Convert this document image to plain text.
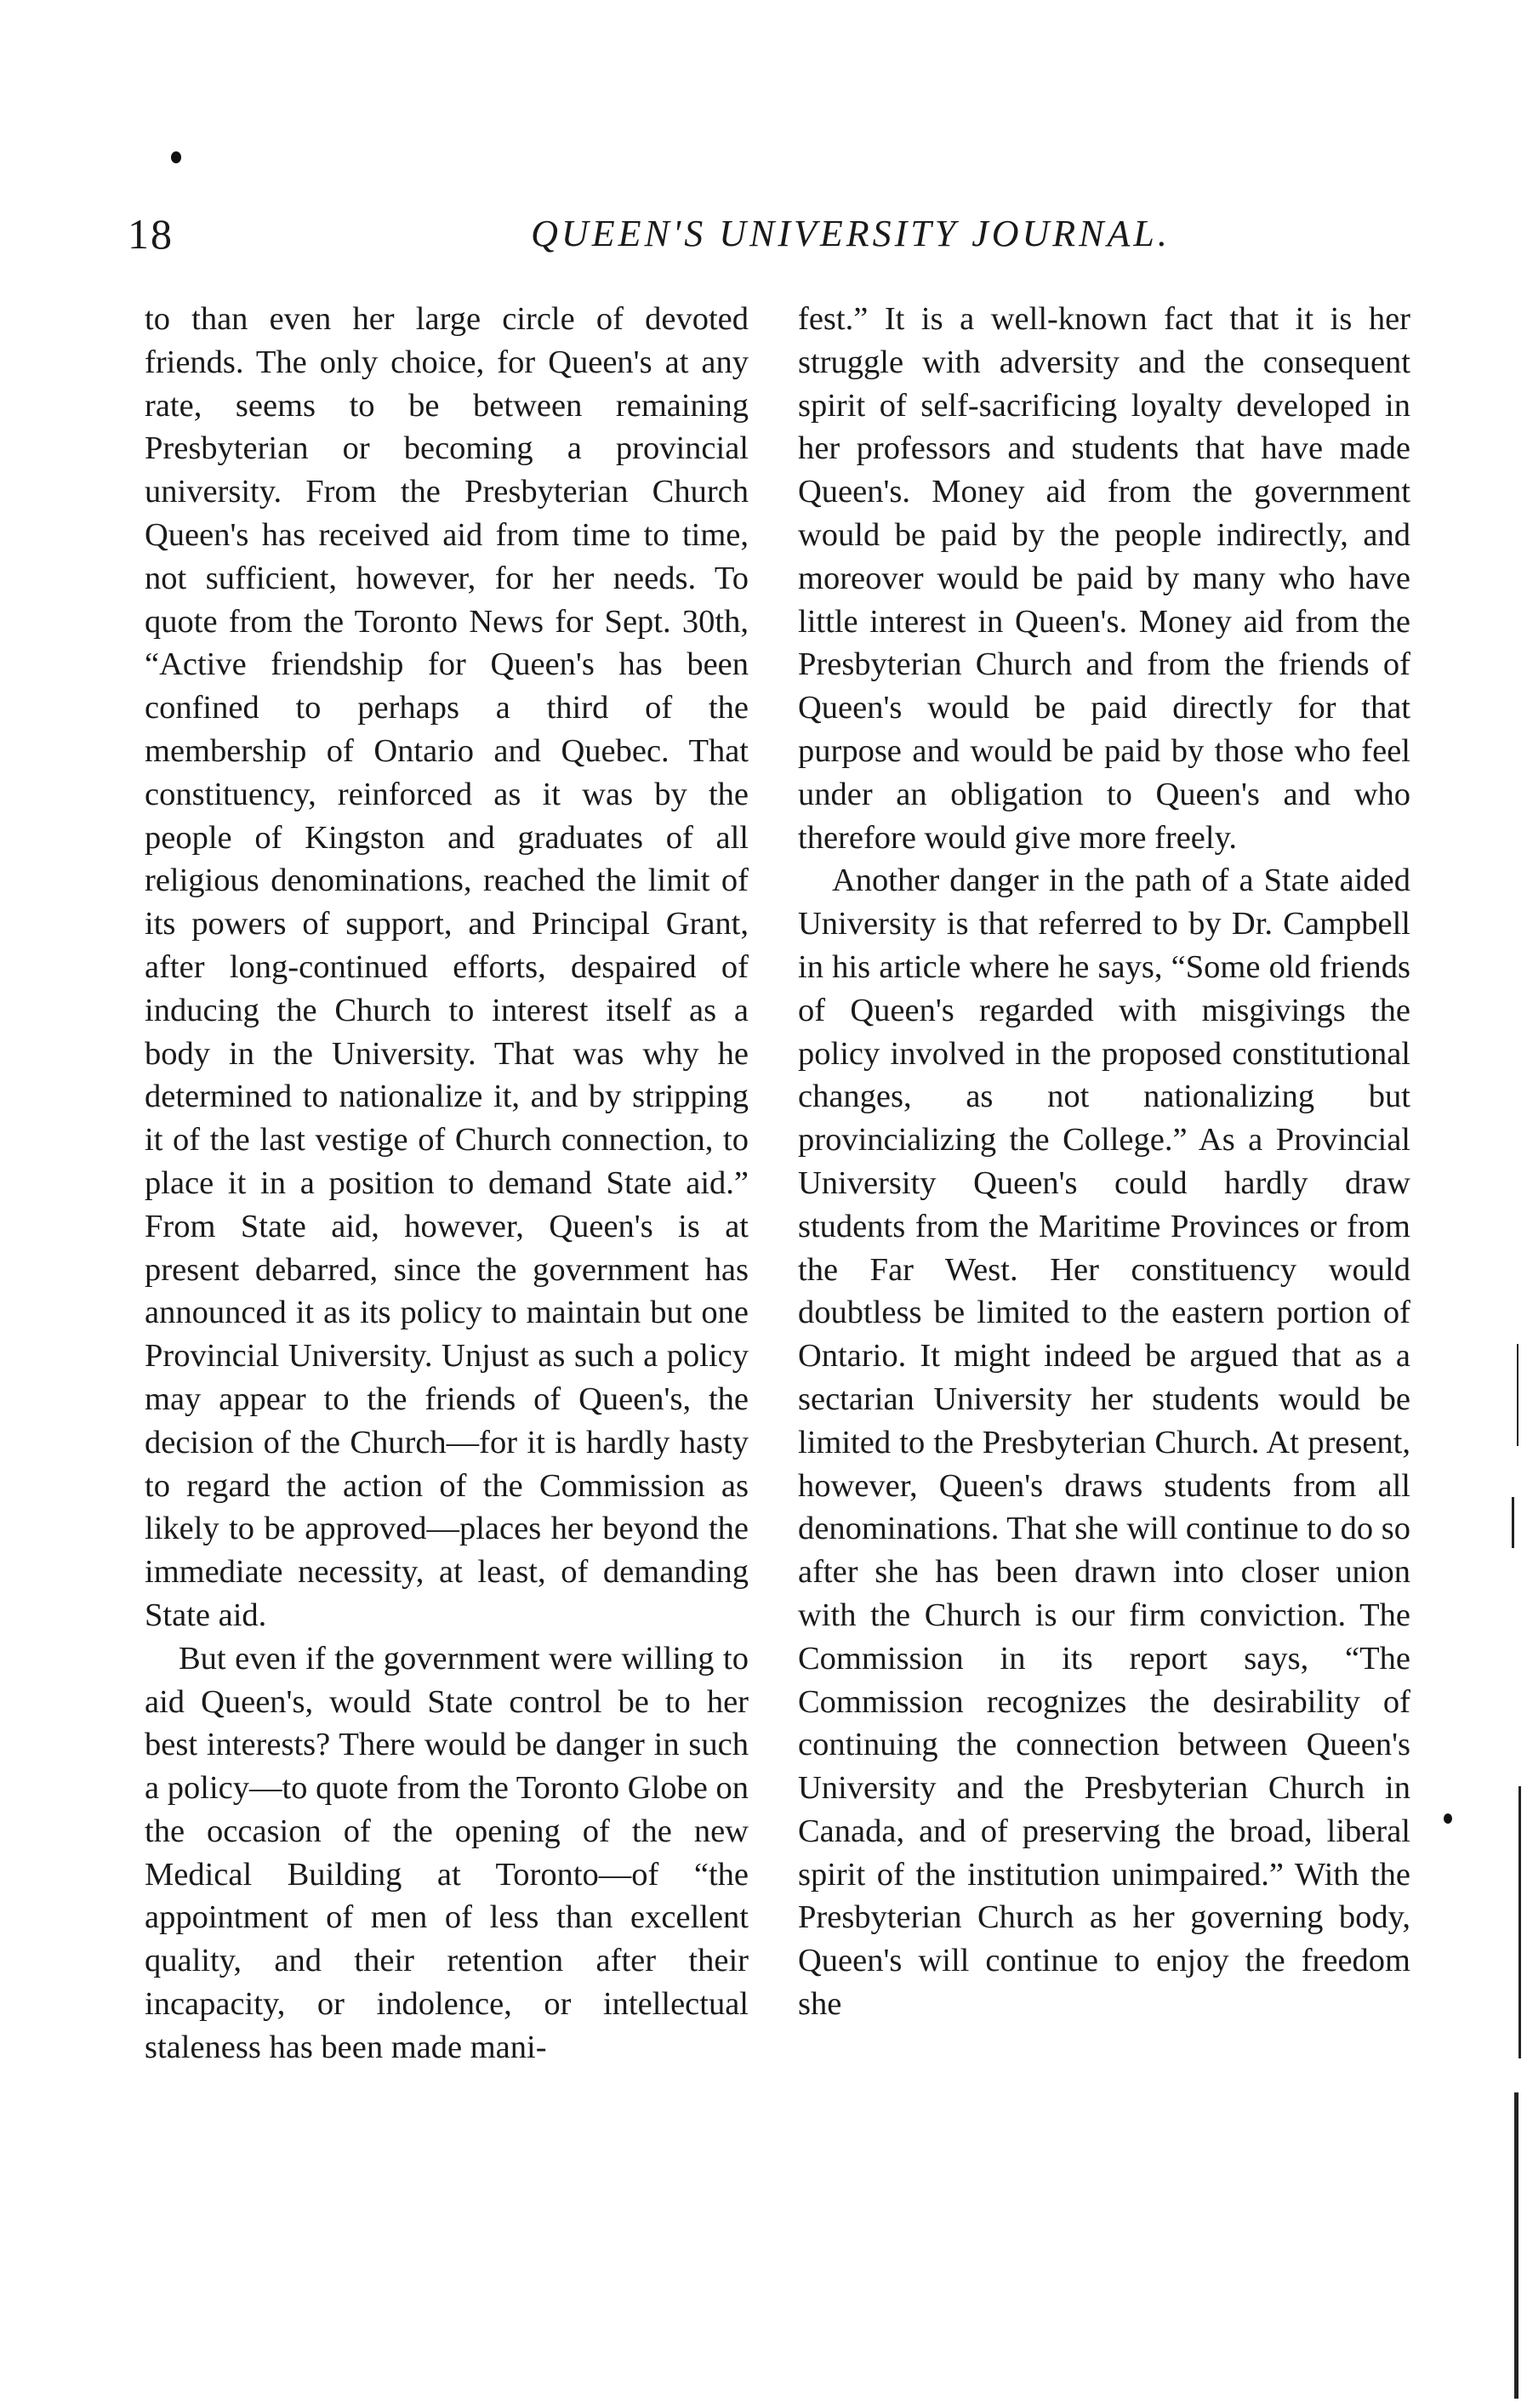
18	QUEEN'S UNIVERSITY JOURNAL.

to than even her large circle of devoted friends. The only choice, for Queen's at any rate, seems to be between remaining Presbyterian or becoming a provincial university. From the Presbyterian Church Queen's has received aid from time to time, not sufficient, however, for her needs. To quote from the Toronto News for Sept. 30th, “Active friendship for Queen's has been confined to perhaps a third of the membership of Ontario and Quebec. That constituency, reinforced as it was by the people of Kingston and graduates of all religious denominations, reached the limit of its powers of support, and Principal Grant, after long-continued efforts, despaired of inducing the Church to interest itself as a body in the University. That was why he determined to nationalize it, and by stripping it of the last vestige of Church connection, to place it in a position to demand State aid.” From State aid, however, Queen's is at present debarred, since the government has announced it as its policy to maintain but one Provincial University. Unjust as such a policy may appear to the friends of Queen's, the decision of the Church—for it is hardly hasty to regard the action of the Commission as likely to be approved—places her beyond the immediate necessity, at least, of demanding State aid.

But even if the government were willing to aid Queen's, would State control be to her best interests? There would be danger in such a policy—to quote from the Toronto Globe on the occasion of the opening of the new Medical Building at Toronto—of “the appointment of men of less than excellent quality, and their retention after their incapacity, or indolence, or intellectual staleness has been made mani-

fest.” It is a well-known fact that it is her struggle with adversity and the consequent spirit of self-sacrificing loyalty developed in her professors and students that have made Queen's. Money aid from the government would be paid by the people indirectly, and moreover would be paid by many who have little interest in Queen's. Money aid from the Presbyterian Church and from the friends of Queen's would be paid directly for that purpose and would be paid by those who feel under an obligation to Queen's and who therefore would give more freely.

Another danger in the path of a State aided University is that referred to by Dr. Campbell in his article where he says, “Some old friends of Queen's regarded with misgivings the policy involved in the proposed constitutional changes, as not nationalizing but provincializing the College.” As a Provincial University Queen's could hardly draw students from the Maritime Provinces or from the Far West. Her constituency would doubtless be limited to the eastern portion of Ontario. It might indeed be argued that as a sectarian University her students would be limited to the Presbyterian Church. At present, however, Queen's draws students from all denominations. That she will continue to do so after she has been drawn into closer union with the Church is our firm conviction. The Commission in its report says, “The Commission recognizes the desirability of continuing the connection between Queen's University and the Presbyterian Church in Canada, and of preserving the broad, liberal spirit of the institution unimpaired.” With the Presbyterian Church as her governing body, Queen's will continue to enjoy the freedom she
